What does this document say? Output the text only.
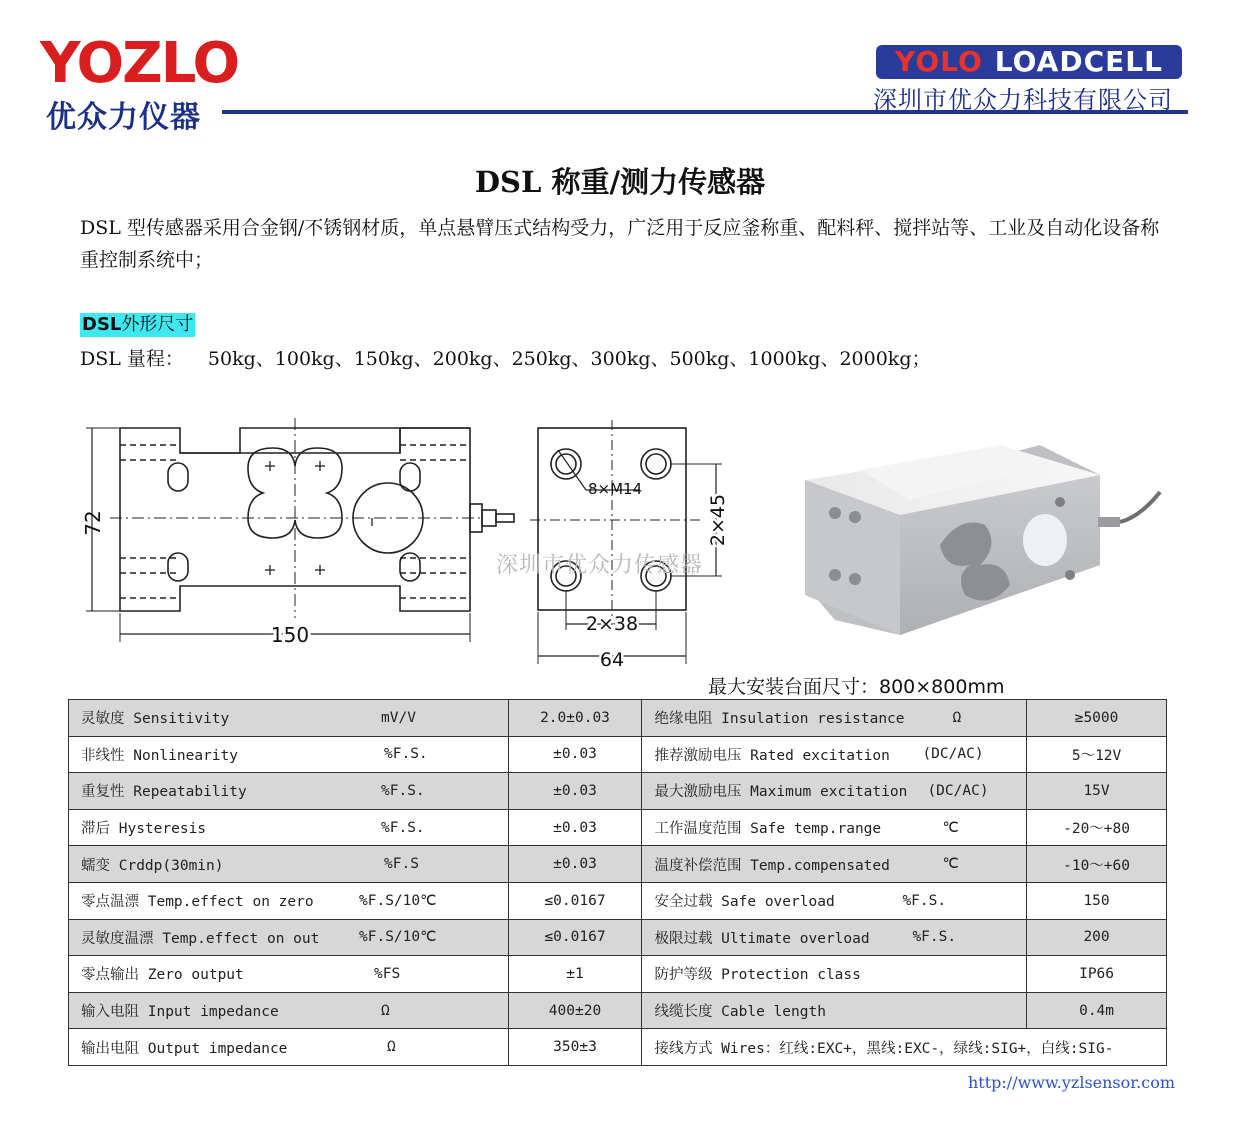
YOZLO
优众力仪器
YOLO LOADCELL
深圳市优众力科技有限公司
DSL 称重/测力传感器
DSL 型传感器采用合金钢/不锈钢材质，单点悬臂压式结构受力，广泛用于反应釜称重、配料秤、搅拌站等、工业及自动化设备称重控制系统中；
DSL外形尺寸
DSL 量程： 50kg、100kg、150kg、200kg、250kg、300kg、500kg、1000kg、2000kg；
72
150
8×M14
2×45
2×38
64
深圳市优众力传感器
最大安装台面尺寸：800×800mm
灵敏度 Sensitivity mV/V	2.0±0.03	绝缘电阻 Insulation resistance Ω	≥5000
非线性 Nonlinearity %F.S.	±0.03	推荐激励电压 Rated excitation (DC/AC)	5～12V
重复性 Repeatability %F.S.	±0.03	最大激励电压 Maximum excitation (DC/AC)	15V
滞后 Hysteresis %F.S.	±0.03	工作温度范围 Safe temp.range ℃	-20～+80
蠕变 Crddp(30min) %F.S	±0.03	温度补偿范围 Temp.compensated ℃	-10～+60
零点温漂 Temp.effect on zero %F.S/10℃	≤0.0167	安全过载 Safe overload %F.S.	150
灵敏度温漂 Temp.effect on out %F.S/10℃	≤0.0167	极限过载 Ultimate overload %F.S.	200
零点输出 Zero output %FS	±1	防护等级 Protection class	IP66
输入电阻 Input impedance Ω	400±20	线缆长度 Cable length	0.4m
输出电阻 Output impedance Ω	350±3	接线方式 Wires：红线:EXC+，黑线:EXC-，绿线:SIG+，白线:SIG-	
http://www.yzlsensor.com
